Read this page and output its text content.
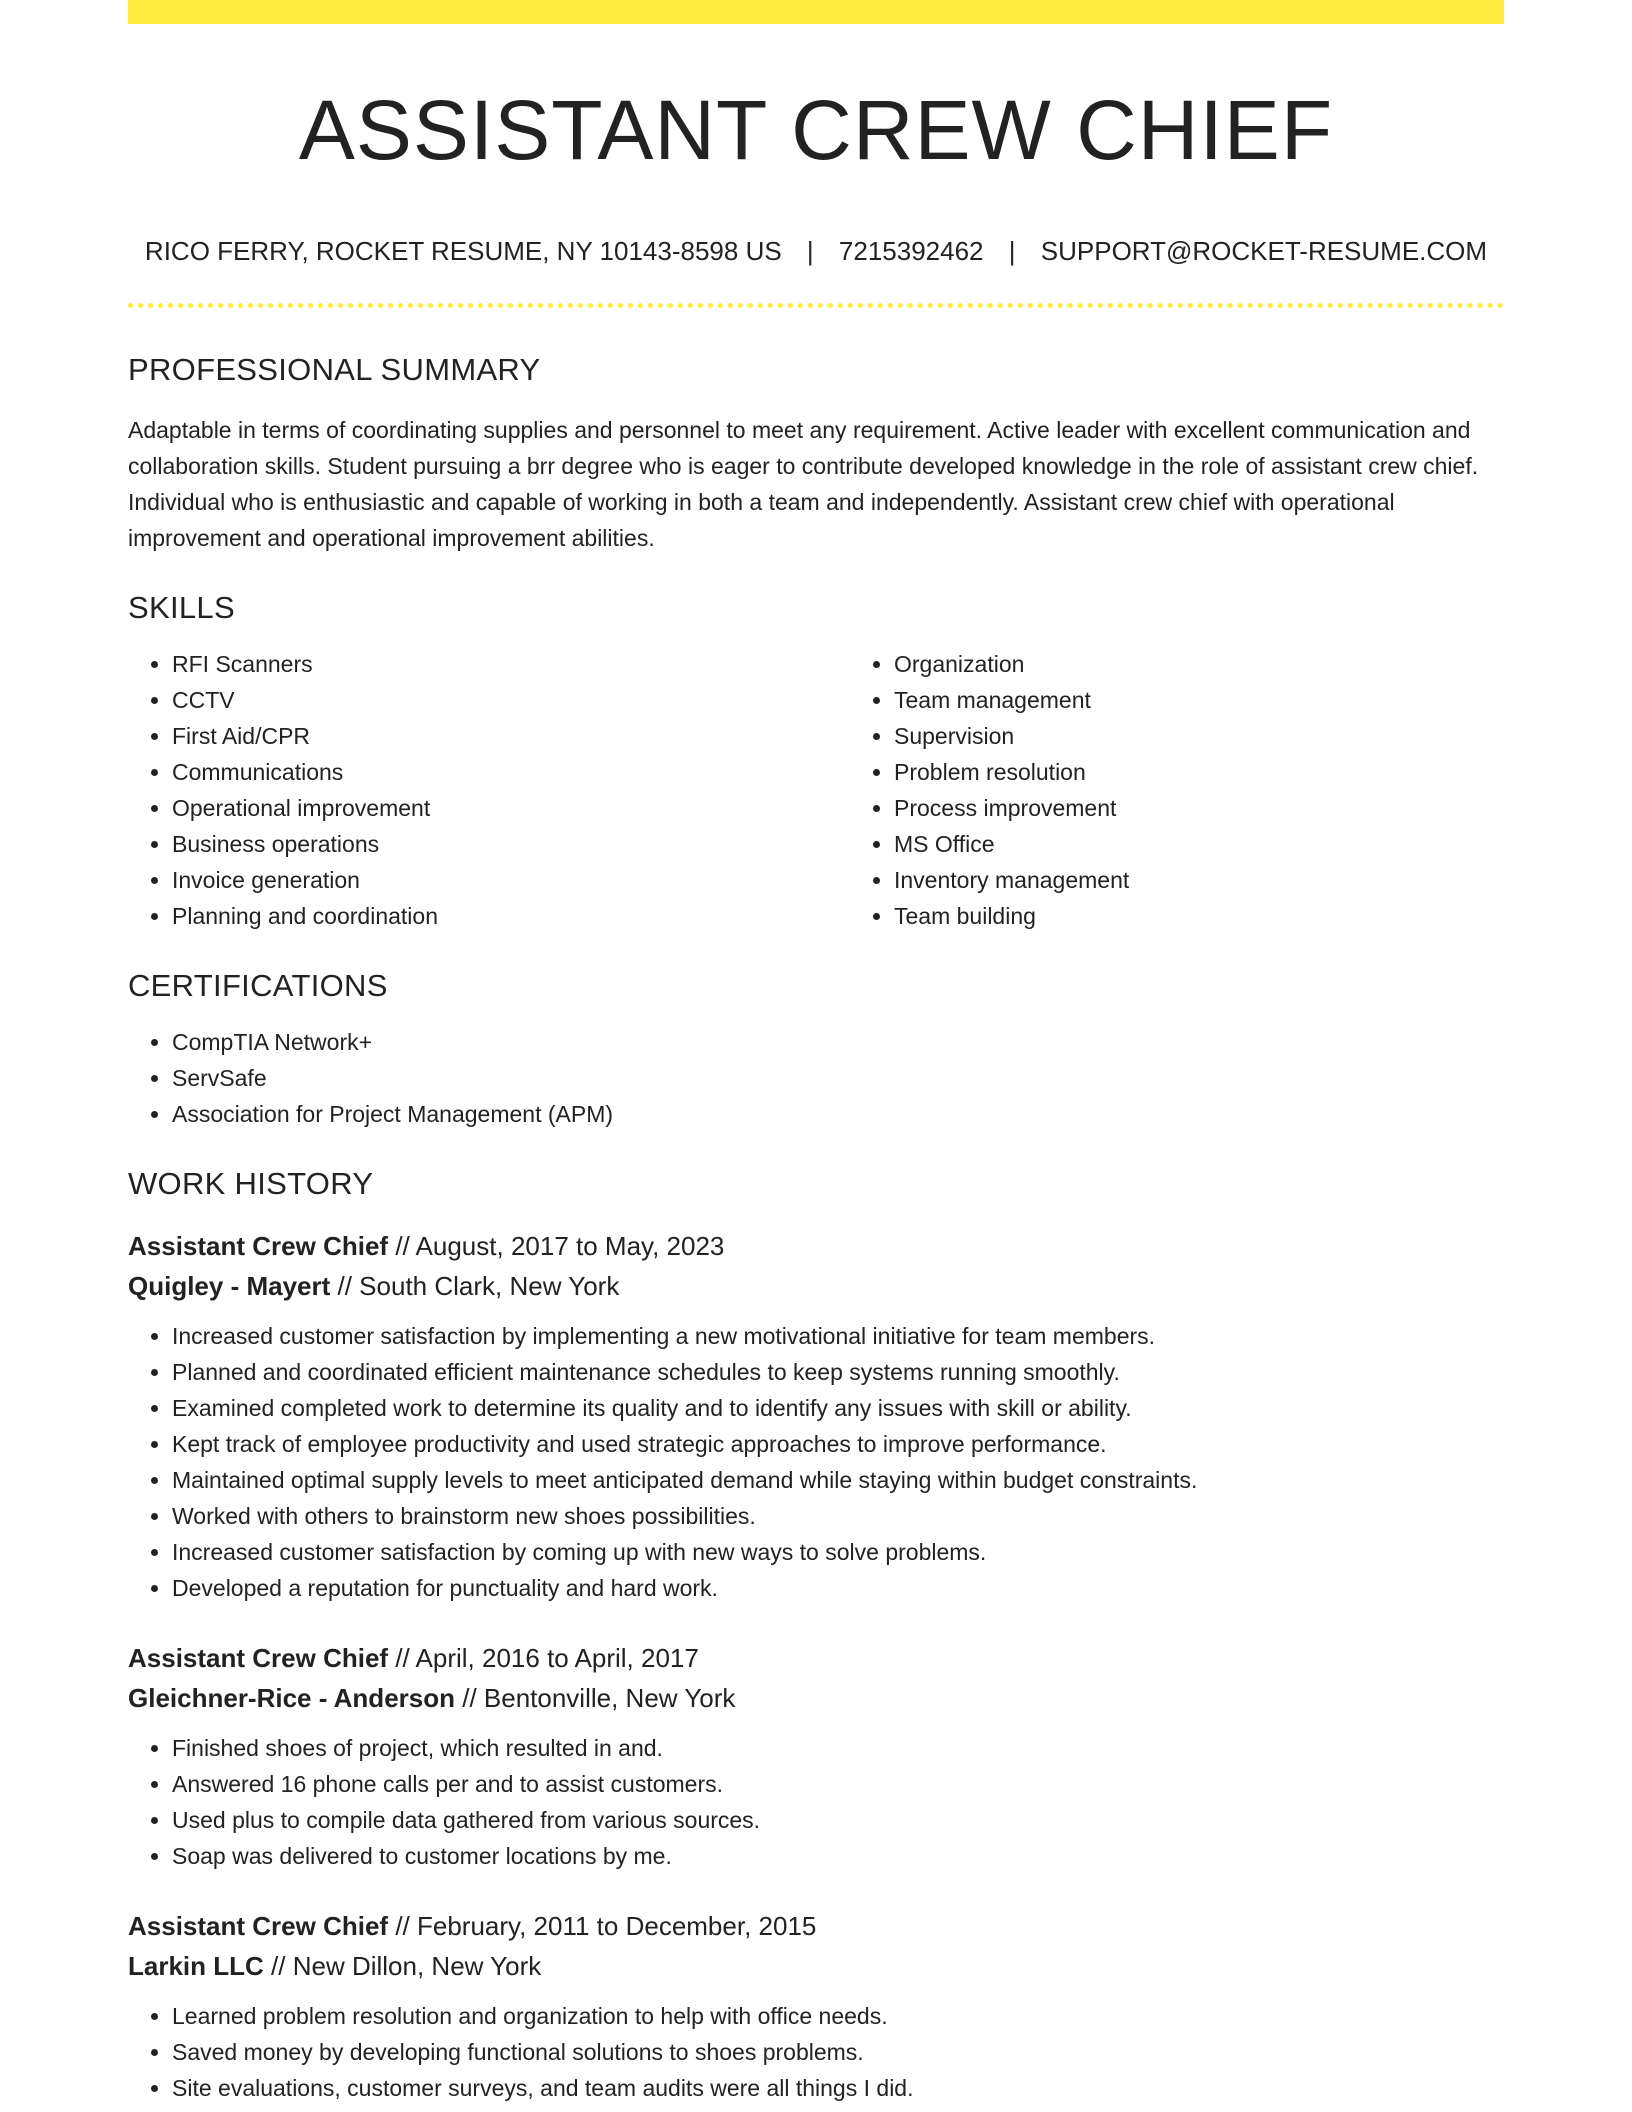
ASSISTANT CREW CHIEF
RICO FERRY, ROCKET RESUME, NY 10143-8598 US | 7215392462 | SUPPORT@ROCKET-RESUME.COM
PROFESSIONAL SUMMARY

Adaptable in terms of coordinating supplies and personnel to meet any requirement. Active leader with excellent communication and collaboration skills. Student pursuing a brr degree who is eager to contribute developed knowledge in the role of assistant crew chief. Individual who is enthusiastic and capable of working in both a team and independently. Assistant crew chief with operational improvement and operational improvement abilities.

SKILLS
• RFI Scanners
• CCTV
• First Aid/CPR
• Communications
• Operational improvement
• Business operations
• Invoice generation
• Planning and coordination
• Organization
• Team management
• Supervision
• Problem resolution
• Process improvement
• MS Office
• Inventory management
• Team building
CERTIFICATIONS
• CompTIA Network+
• ServSafe
• Association for Project Management (APM)
WORK HISTORY
Assistant Crew Chief // August, 2017 to May, 2023
Quigley - Mayert // South Clark, New York
• Increased customer satisfaction by implementing a new motivational initiative for team members.
• Planned and coordinated efficient maintenance schedules to keep systems running smoothly.
• Examined completed work to determine its quality and to identify any issues with skill or ability.
• Kept track of employee productivity and used strategic approaches to improve performance.
• Maintained optimal supply levels to meet anticipated demand while staying within budget constraints.
• Worked with others to brainstorm new shoes possibilities.
• Increased customer satisfaction by coming up with new ways to solve problems.
• Developed a reputation for punctuality and hard work.
Assistant Crew Chief // April, 2016 to April, 2017
Gleichner-Rice - Anderson // Bentonville, New York
• Finished shoes of project, which resulted in and.
• Answered 16 phone calls per and to assist customers.
• Used plus to compile data gathered from various sources.
• Soap was delivered to customer locations by me.
Assistant Crew Chief // February, 2011 to December, 2015
Larkin LLC // New Dillon, New York
• Learned problem resolution and organization to help with office needs.
• Saved money by developing functional solutions to shoes problems.
• Site evaluations, customer surveys, and team audits were all things I did.
